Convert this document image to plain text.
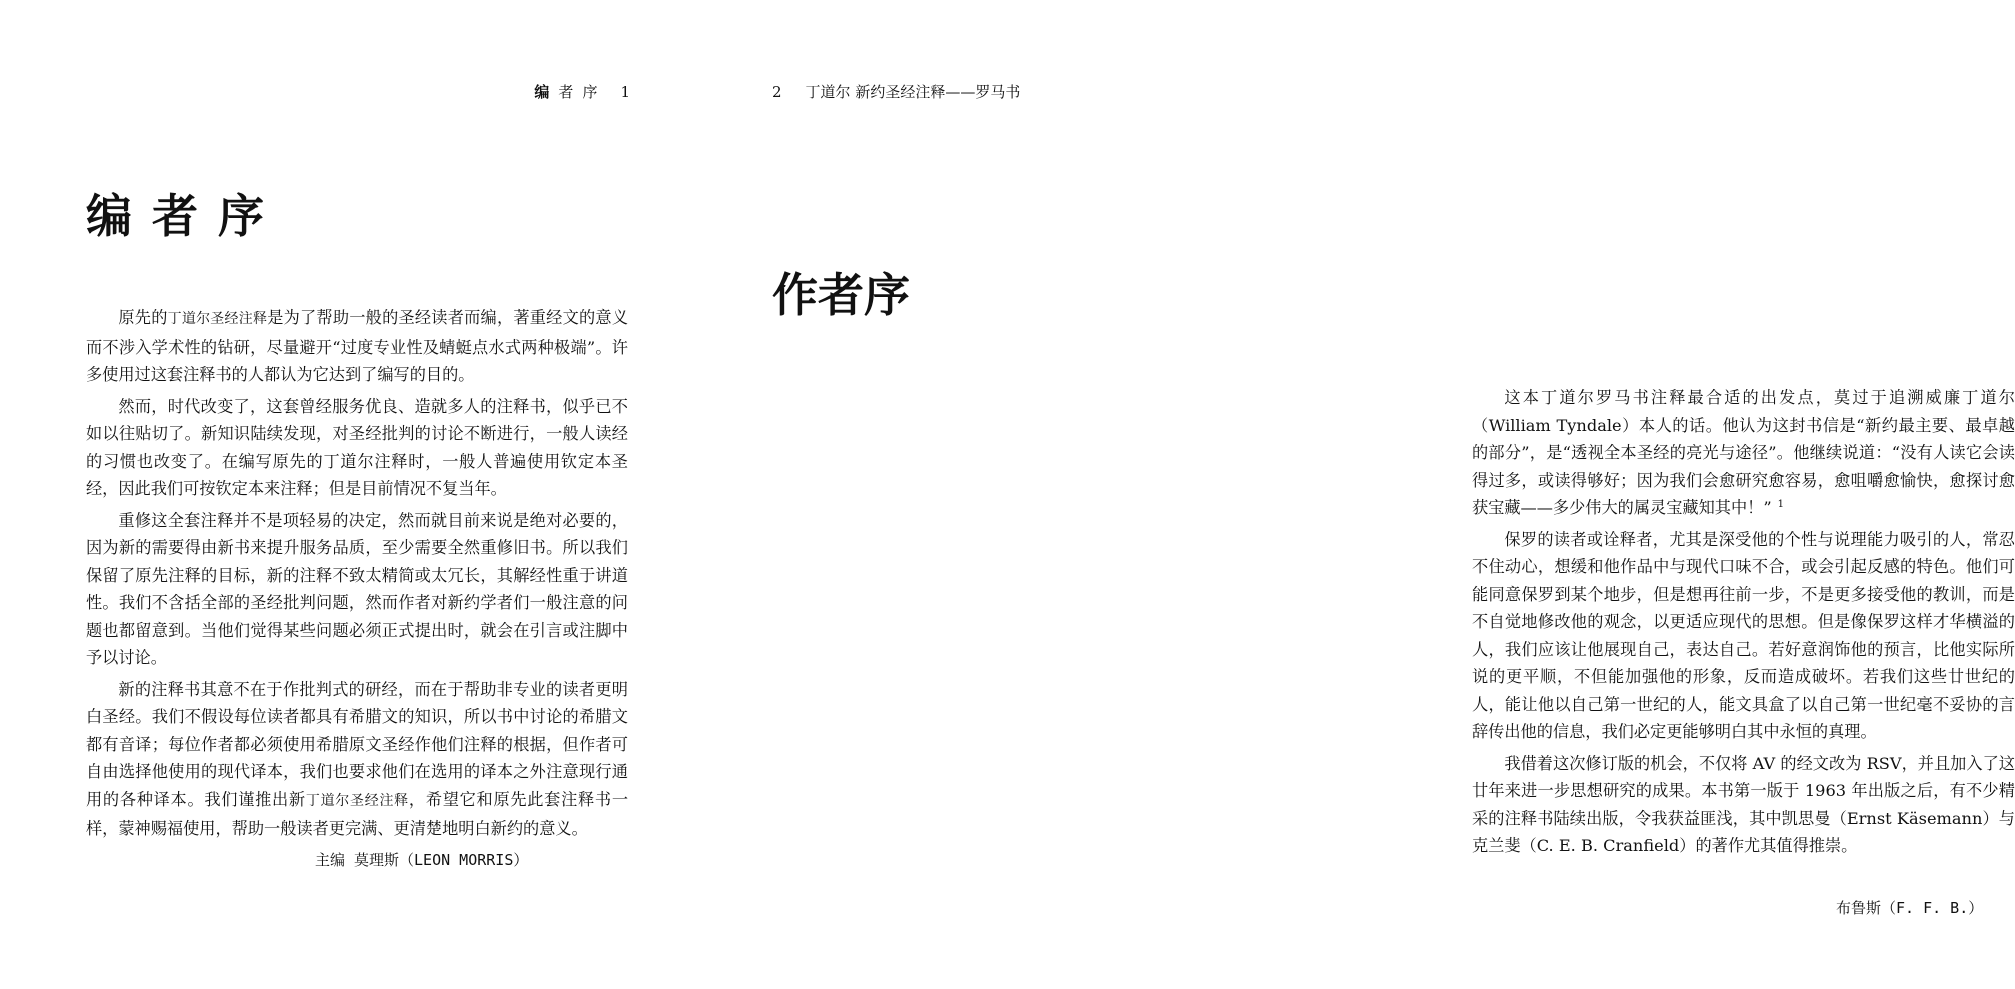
编 者 序 1
编者序

原先的丁道尔圣经注释是为了帮助一般的圣经读者而编，著重经文的意义而不涉入学术性的钻研，尽量避开“过度专业性及蜻蜓点水式两种极端”。许多使用过这套注释书的人都认为它达到了编写的目的。

然而，时代改变了，这套曾经服务优良、造就多人的注释书，似乎已不如以往贴切了。新知识陆续发现，对圣经批判的讨论不断进行，一般人读经的习惯也改变了。在编写原先的丁道尔注释时，一般人普遍使用钦定本圣经，因此我们可按钦定本来注释；但是目前情况不复当年。

重修这全套注释并不是项轻易的决定，然而就目前来说是绝对必要的，因为新的需要得由新书来提升服务品质，至少需要全然重修旧书。所以我们保留了原先注释的目标，新的注释不致太精简或太冗长，其解经性重于讲道性。我们不含括全部的圣经批判问题，然而作者对新约学者们一般注意的问题也都留意到。当他们觉得某些问题必须正式提出时，就会在引言或注脚中予以讨论。

新的注释书其意不在于作批判式的研经，而在于帮助非专业的读者更明白圣经。我们不假设每位读者都具有希腊文的知识，所以书中讨论的希腊文都有音译；每位作者都必须使用希腊原文圣经作他们注释的根据，但作者可自由选择他使用的现代译本，我们也要求他们在选用的译本之外注意现行通用的各种译本。我们谨推出新丁道尔圣经注释，希望它和原先此套注释书一样，蒙神赐福使用，帮助一般读者更完满、更清楚地明白新约的意义。

主编 莫理斯（LEON MORRIS）
2 丁道尔 新约圣经注释——罗马书
作者序

这本丁道尔罗马书注释最合适的出发点，莫过于追溯威廉丁道尔（William Tyndale）本人的话。他认为这封书信是“新约最主要、最卓越的部分”，是“透视全本圣经的亮光与途径”。他继续说道：“没有人读它会读得过多，或读得够好；因为我们会愈研究愈容易，愈咀嚼愈愉快，愈探讨愈获宝藏——多少伟大的属灵宝藏知其中！” $^1$

保罗的读者或诠释者，尤其是深受他的个性与说理能力吸引的人，常忍不住动心，想缓和他作品中与现代口味不合，或会引起反感的特色。他们可能同意保罗到某个地步，但是想再往前一步，不是更多接受他的教训，而是不自觉地修改他的观念，以更适应现代的思想。但是像保罗这样才华横溢的人，我们应该让他展现自己，表达自己。若好意润饰他的预言，比他实际所说的更平顺，不但能加强他的形象，反而造成破坏。若我们这些廿世纪的人，能让他以自己第一世纪的人，能文具盒了以自己第一世纪毫不妥协的言辞传出他的信息，我们必定更能够明白其中永恒的真理。

我借着这次修订版的机会，不仅将 AV 的经文改为 RSV，并且加入了这廿年来进一步思想研究的成果。本书第一版于 1963 年出版之后，有不少精采的注释书陆续出版，令我获益匪浅，其中凯思曼（Ernst Käsemann）与克兰斐（C. E. B. Cranfield）的著作尤其值得推崇。

布鲁斯（F. F. B.）
